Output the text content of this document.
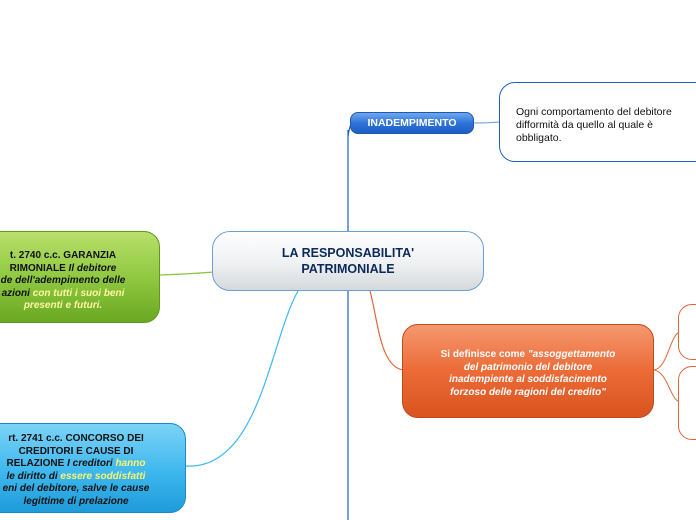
INADEMPIMENTO
Ogni comportamento del debitore
difformità da quello al quale è
obbligato.
LA RESPONSABILITA'
PATRIMONIALE
t. 2740 c.c. GARANZIA
RIMONIALE Il debitore
de dell'adempimento delle
azioni con tutti i suoi beni
presenti e futuri.
rt. 2741 c.c. CONCORSO DEI
CREDITORI E CAUSE DI
RELAZIONE I creditori hanno
le diritto di essere soddisfatti
eni del debitore, salve le cause
legittime di prelazione
Si definisce come "assoggettamento
del patrimonio del debitore
inadempiente al soddisfacimento
forzoso delle ragioni del credito"
